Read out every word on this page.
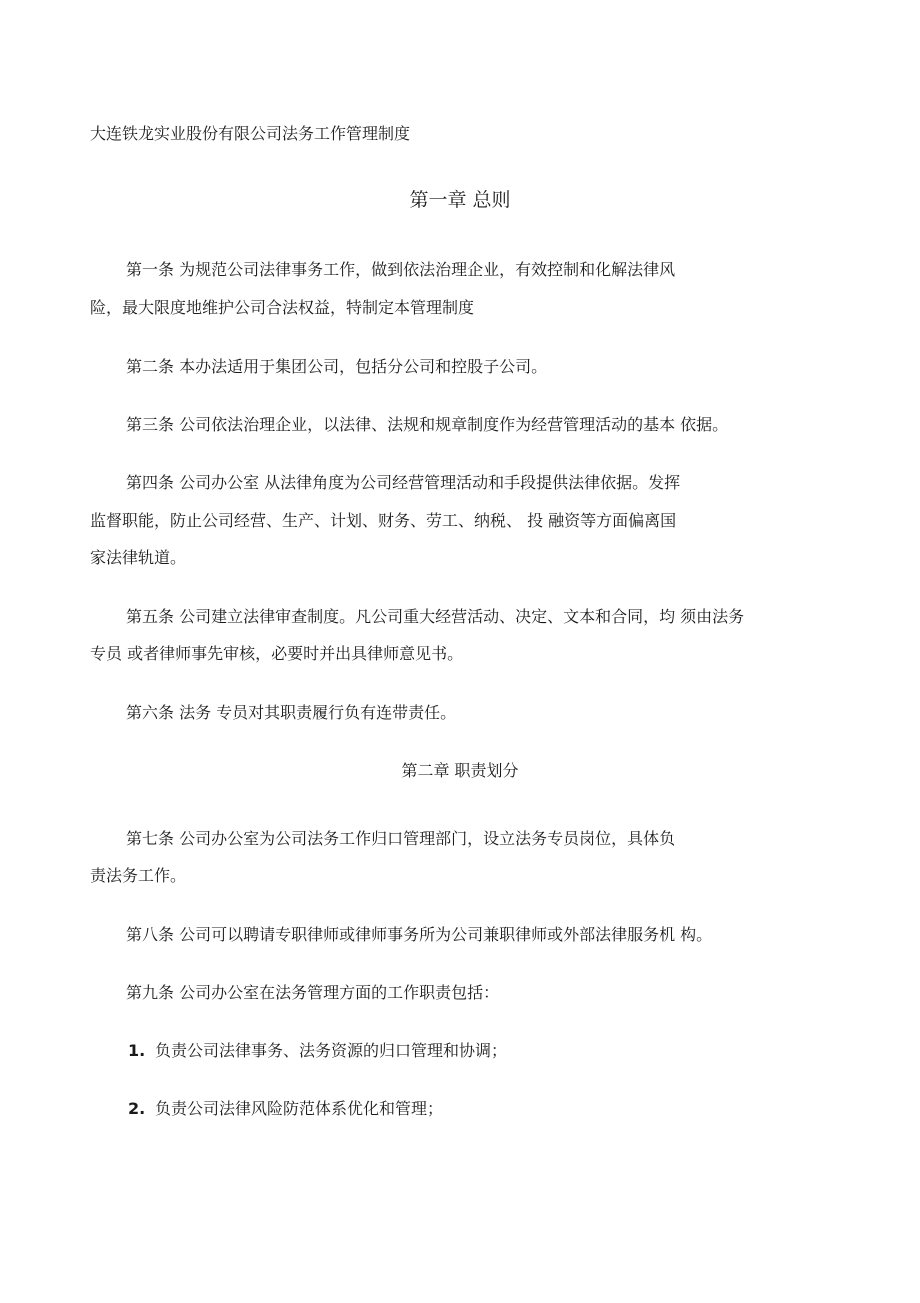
大连铁龙实业股份有限公司法务工作管理制度
第一章 总则
第一条 为规范公司法律事务工作，做到依法治理企业，有效控制和化解法律风
险，最大限度地维护公司合法权益，特制定本管理制度
第二条 本办法适用于集团公司，包括分公司和控股子公司。
第三条 公司依法治理企业，以法律、法规和规章制度作为经营管理活动的基本 依据。
第四条 公司办公室 从法律角度为公司经营管理活动和手段提供法律依据。发挥
监督职能，防止公司经营、生产、计划、财务、劳工、纳税、 投 融资等方面偏离国
家法律轨道。
第五条 公司建立法律审查制度。凡公司重大经营活动、决定、文本和合同，均 须由法务
专员 或者律师事先审核，必要时并出具律师意见书。
第六条 法务 专员对其职责履行负有连带责任。
第二章 职责划分
第七条 公司办公室为公司法务工作归口管理部门，设立法务专员岗位，具体负
责法务工作。
第八条 公司可以聘请专职律师或律师事务所为公司兼职律师或外部法律服务机 构。
第九条 公司办公室在法务管理方面的工作职责包括：
1. 负责公司法律事务、法务资源的归口管理和协调；
2. 负责公司法律风险防范体系优化和管理；
